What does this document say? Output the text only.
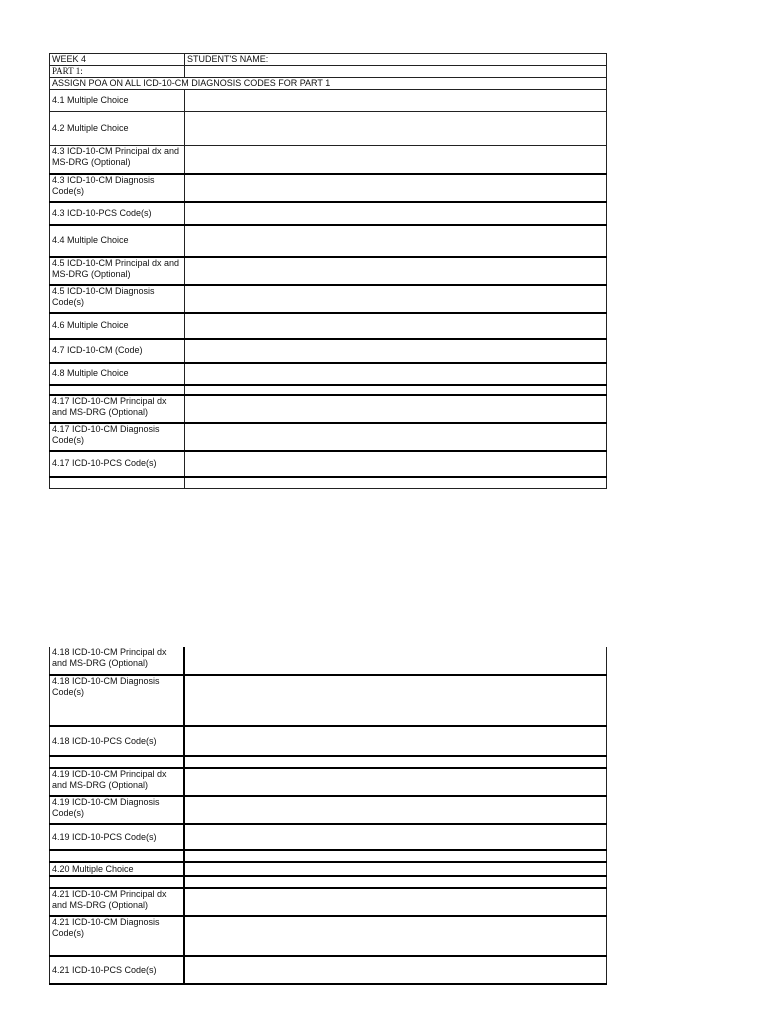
WEEK 4	STUDENT'S NAME:
PART 1:	
ASSIGN POA ON ALL ICD-10-CM DIAGNOSIS CODES FOR PART 1	
4.1 Multiple Choice	
4.2 Multiple Choice	
4.3 ICD-10-CM Principal dx and MS-DRG (Optional)	
4.3 ICD-10-CM Diagnosis Code(s)	
4.3 ICD-10-PCS Code(s)	
4.4 Multiple Choice	
4.5 ICD-10-CM Principal dx and MS-DRG (Optional)	
4.5 ICD-10-CM Diagnosis Code(s)	
4.6 Multiple Choice	
4.7 ICD-10-CM (Code)	
4.8 Multiple Choice	

4.17 ICD-10-CM Principal dx and MS-DRG (Optional)	
4.17 ICD-10-CM Diagnosis Code(s)	
4.17 ICD-10-PCS Code(s)	

4.18 ICD-10-CM Principal dx and MS-DRG (Optional)	
4.18 ICD-10-CM Diagnosis Code(s)	
4.18 ICD-10-PCS Code(s)	

4.19 ICD-10-CM Principal dx and MS-DRG (Optional)	
4.19 ICD-10-CM Diagnosis Code(s)	
4.19 ICD-10-PCS Code(s)	

4.20 Multiple Choice	

4.21 ICD-10-CM Principal dx and MS-DRG (Optional)	
4.21 ICD-10-CM Diagnosis Code(s)	
4.21 ICD-10-PCS Code(s)	
